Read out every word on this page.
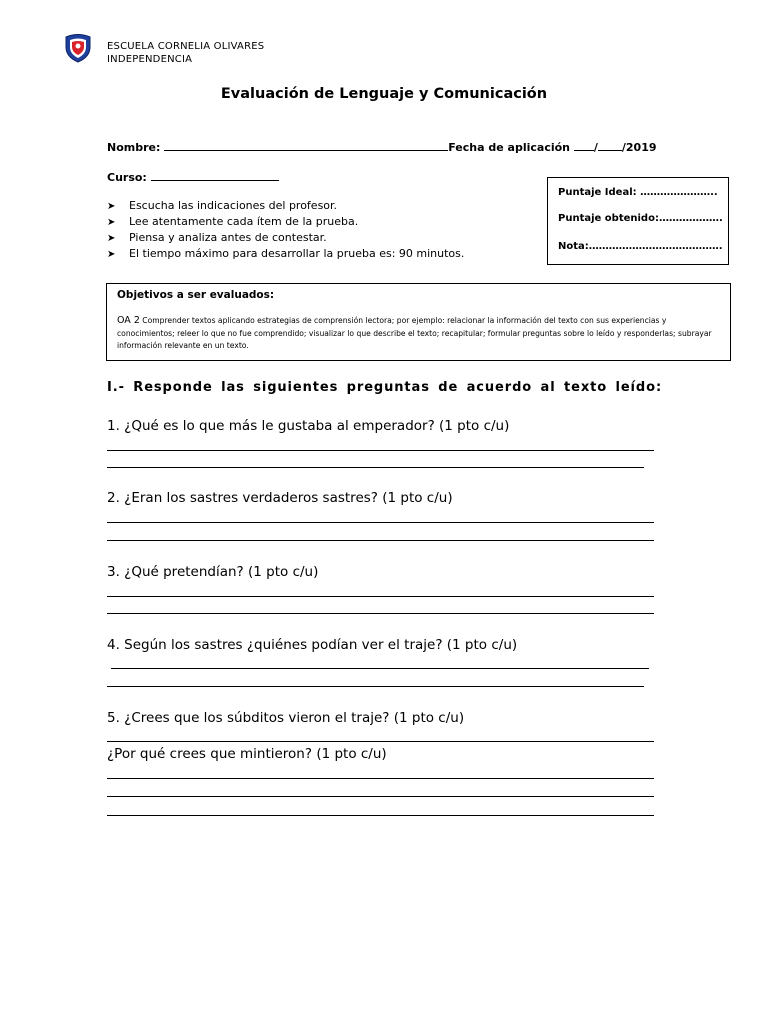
ESCUELA CORNELIA OLIVARES
INDEPENDENCIA
Evaluación de Lenguaje y Comunicación
Nombre:	Fecha de aplicación / /2019
Curso:
Puntaje Ideal: …………………..
Puntaje obtenido:……………….
Nota:………………………………….
➤ Escucha las indicaciones del profesor.
➤ Lee atentamente cada ítem de la prueba.
➤ Piensa y analiza antes de contestar.
➤ El tiempo máximo para desarrollar la prueba es: 90 minutos.
Objetivos a ser evaluados:
OA 2 Comprender textos aplicando estrategias de comprensión lectora; por ejemplo: relacionar la información del texto con sus experiencias y conocimientos; releer lo que no fue comprendido; visualizar lo que describe el texto; recapitular; formular preguntas sobre lo leído y responderlas; subrayar información relevante en un texto.
I.- Responde las siguientes preguntas de acuerdo al texto leído:
1. ¿Qué es lo que más le gustaba al emperador? (1 pto c/u)
2. ¿Eran los sastres verdaderos sastres? (1 pto c/u)
3. ¿Qué pretendían? (1 pto c/u)
4. Según los sastres ¿quiénes podían ver el traje? (1 pto c/u)
5. ¿Crees que los súbditos vieron el traje? (1 pto c/u)
¿Por qué crees que mintieron? (1 pto c/u)
